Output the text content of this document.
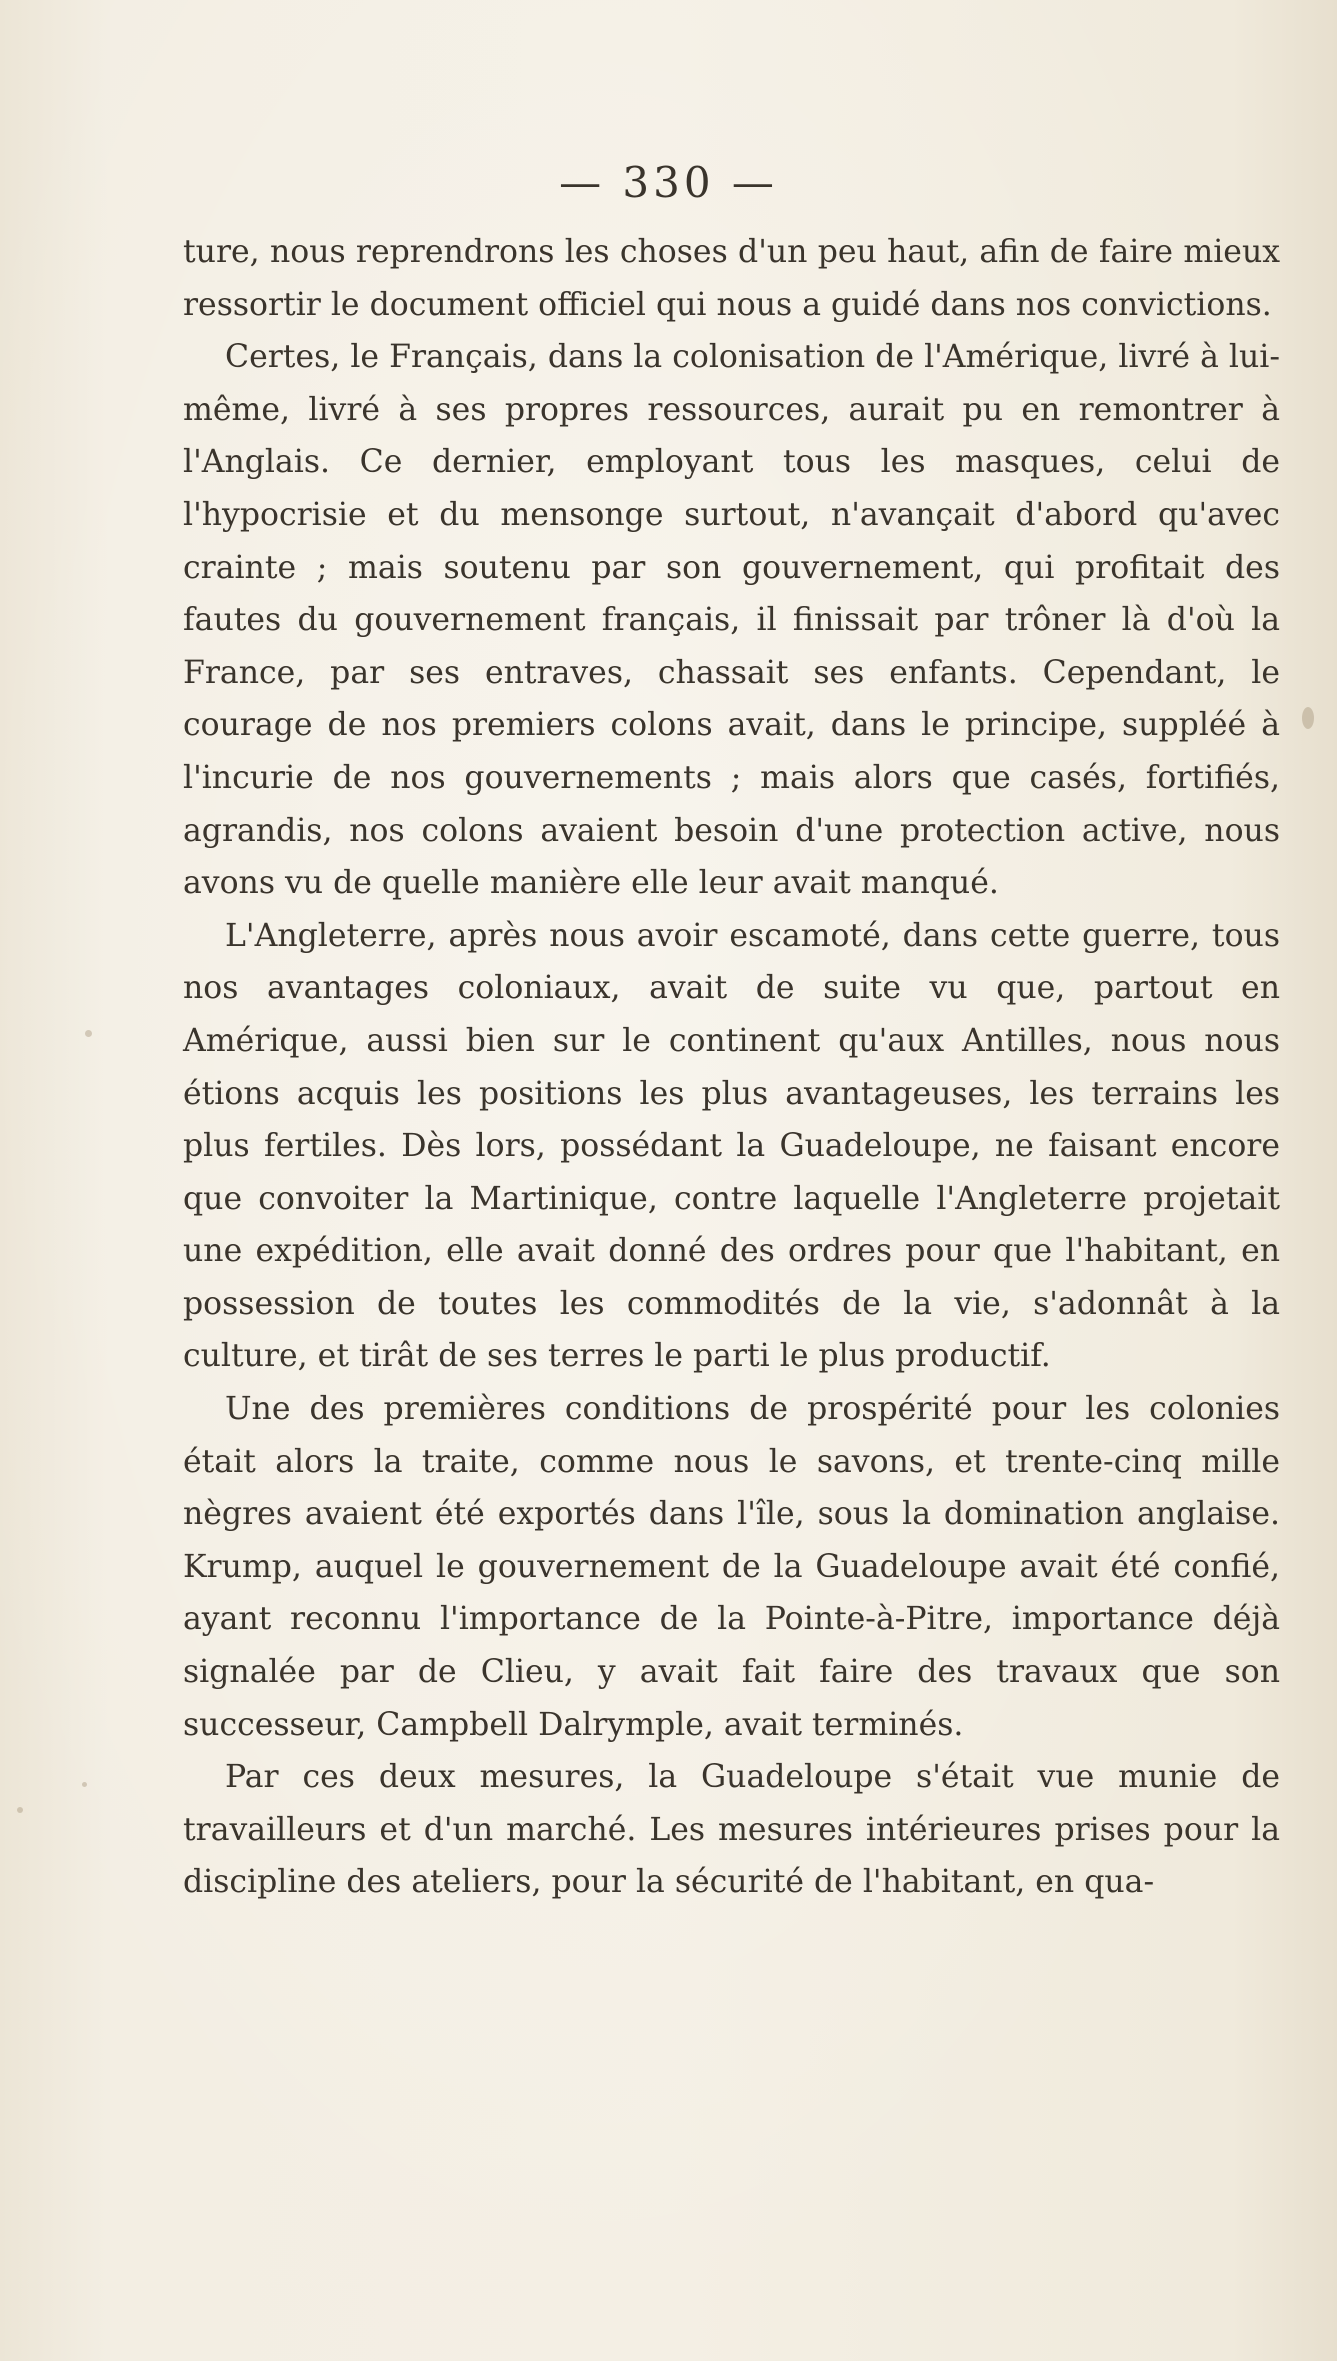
— 330 —

ture, nous reprendrons les choses d'un peu haut, afin de faire mieux ressortir le document officiel qui nous a guidé dans nos convictions.

Certes, le Français, dans la colonisation de l'Amérique, livré à lui-même, livré à ses propres ressources, aurait pu en remontrer à l'Anglais. Ce dernier, employant tous les masques, celui de l'hypocrisie et du mensonge surtout, n'avançait d'abord qu'avec crainte ; mais soutenu par son gouvernement, qui profitait des fautes du gouvernement français, il finissait par trôner là d'où la France, par ses entraves, chassait ses enfants. Cependant, le courage de nos premiers colons avait, dans le principe, suppléé à l'incurie de nos gouvernements ; mais alors que casés, fortifiés, agrandis, nos colons avaient besoin d'une protection active, nous avons vu de quelle manière elle leur avait manqué.

L'Angleterre, après nous avoir escamoté, dans cette guerre, tous nos avantages coloniaux, avait de suite vu que, partout en Amérique, aussi bien sur le continent qu'aux Antilles, nous nous étions acquis les positions les plus avantageuses, les terrains les plus fertiles. Dès lors, possédant la Guadeloupe, ne faisant encore que convoiter la Martinique, contre laquelle l'Angleterre projetait une expédition, elle avait donné des ordres pour que l'habitant, en possession de toutes les commodités de la vie, s'adonnât à la culture, et tirât de ses terres le parti le plus productif.

Une des premières conditions de prospérité pour les colonies était alors la traite, comme nous le savons, et trente-cinq mille nègres avaient été exportés dans l'île, sous la domination anglaise. Krump, auquel le gouvernement de la Guadeloupe avait été confié, ayant reconnu l'importance de la Pointe-à-Pitre, importance déjà signalée par de Clieu, y avait fait faire des travaux que son successeur, Campbell Dalrymple, avait terminés.

Par ces deux mesures, la Guadeloupe s'était vue munie de travailleurs et d'un marché. Les mesures intérieures prises pour la discipline des ateliers, pour la sécurité de l'habitant, en qua-
